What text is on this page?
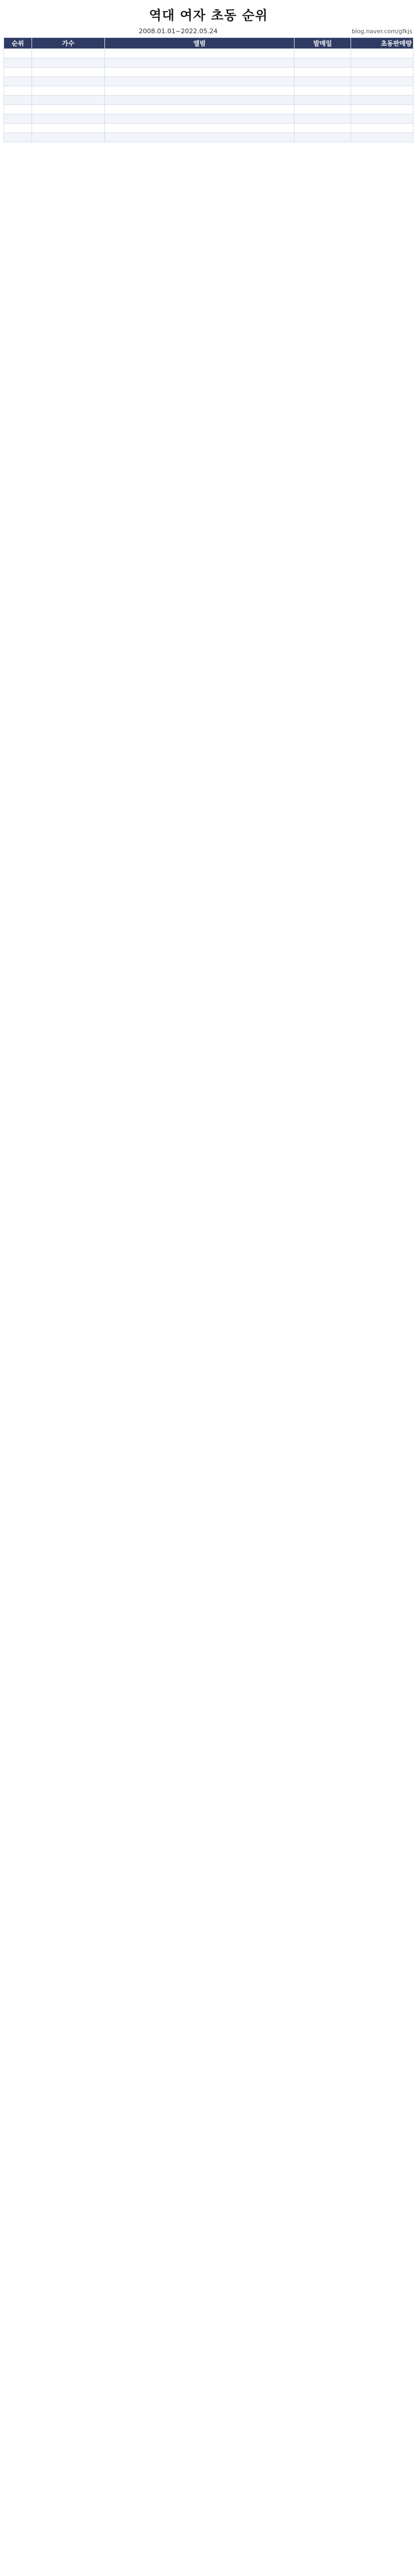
역대 여자 초동 순위
2008.01.01~2022.05.24	blog.naver.com/gfkjs
순위	가수	앨범	발매일	초동판매량
